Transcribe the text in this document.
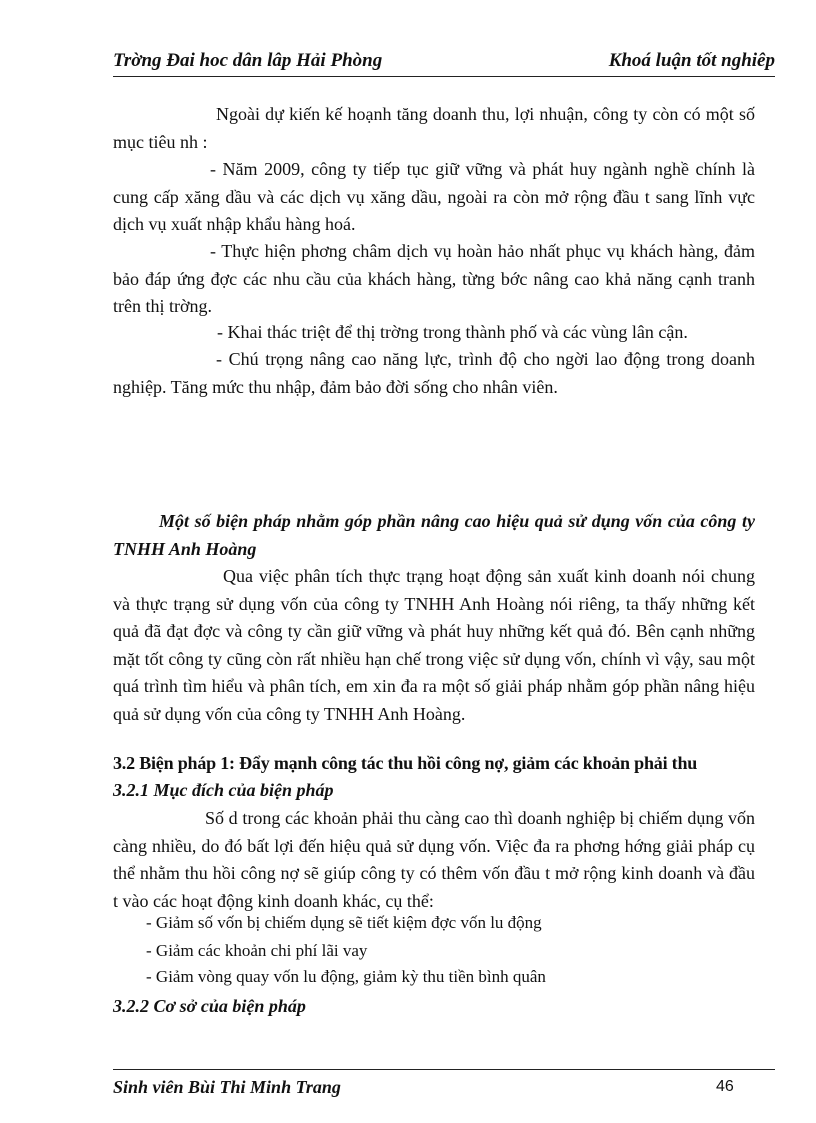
Trờng Đai hoc dân lâp Hải Phòng	Khoá luận tốt nghiêp

Ngoài dự kiến kế hoạnh tăng doanh thu, lợi nhuận, công ty còn có một số mục tiêu nh :

- Năm 2009, công ty tiếp tục giữ vững và phát huy ngành nghề chính là cung cấp xăng dầu và các dịch vụ xăng dầu, ngoài ra còn mở rộng đầu t sang lĩnh vực dịch vụ xuất nhập khẩu hàng hoá.

- Thực hiện phơng châm dịch vụ hoàn hảo nhất phục vụ khách hàng, đảm bảo đáp ứng đợc các nhu cầu của khách hàng, từng bớc nâng cao khả năng cạnh tranh trên thị trờng.

- Khai thác triệt để thị trờng trong thành phố và các vùng lân cận.

- Chú trọng nâng cao năng lực, trình độ cho ngời lao động trong doanh nghiệp. Tăng mức thu nhập, đảm bảo đời sống cho nhân viên.

Một số biện pháp nhằm góp phần nâng cao hiệu quả sử dụng vốn của công ty TNHH Anh Hoàng

Qua việc phân tích thực trạng hoạt động sản xuất kinh doanh nói chung và thực trạng sử dụng vốn của công ty TNHH Anh Hoàng nói riêng, ta thấy những kết quả đã đạt đợc và công ty cần giữ vững và phát huy những kết quả đó. Bên cạnh những mặt tốt công ty cũng còn rất nhiều hạn chế trong việc sử dụng vốn, chính vì vậy, sau một quá trình tìm hiểu và phân tích, em xin đa ra một số giải pháp nhằm góp phần nâng hiệu quả sử dụng vốn của công ty TNHH Anh Hoàng.

3.2 Biện pháp 1: Đẩy mạnh công tác thu hồi công nợ, giảm các khoản phải thu

3.2.1 Mục đích của biện pháp

Số d trong các khoản phải thu càng cao thì doanh nghiệp bị chiếm dụng vốn càng nhiều, do đó bất lợi đến hiệu quả sử dụng vốn. Việc đa ra phơng hớng giải pháp cụ thể nhằm thu hồi công nợ sẽ giúp công ty có thêm vốn đầu t mở rộng kinh doanh và đầu t vào các hoạt động kinh doanh khác, cụ thể:

- Giảm số vốn bị chiếm dụng sẽ tiết kiệm đợc vốn lu động
- Giảm các khoản chi phí lãi vay
- Giảm vòng quay vốn lu động, giảm kỳ thu tiền bình quân

3.2.2 Cơ sở của biện pháp

Sinh viên Bùi Thi Minh Trang	46
